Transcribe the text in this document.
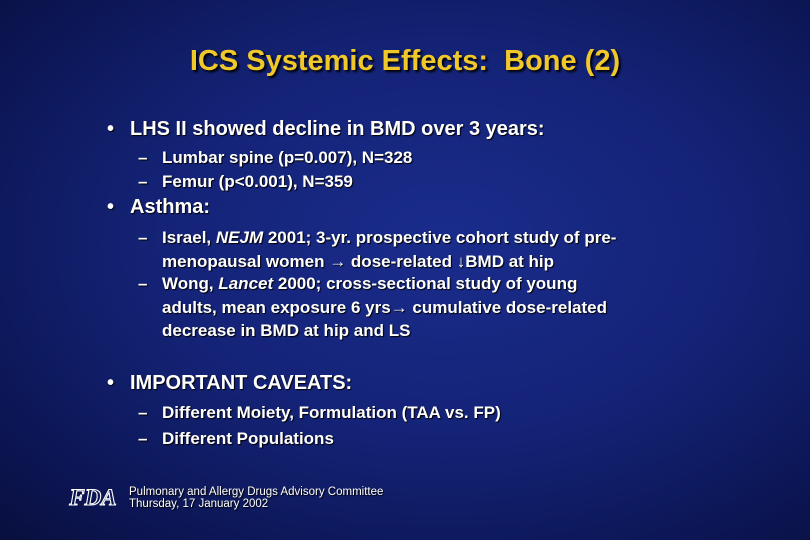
ICS Systemic Effects:  Bone (2)
• LHS II showed decline in BMD over 3 years:
– Lumbar spine (p=0.007), N=328
– Femur (p<0.001), N=359
• Asthma:
– Israel, NEJM 2001; 3-yr. prospective cohort study of pre-
menopausal women → dose-related ↓BMD at hip
– Wong, Lancet 2000; cross-sectional study of young
adults, mean exposure 6 yrs→ cumulative dose-related
decrease in BMD at hip and LS
• IMPORTANT CAVEATS:
– Different Moiety, Formulation (TAA vs. FP)
– Different Populations
FDA Pulmonary and Allergy Drugs Advisory Committee
Thursday, 17 January 2002
